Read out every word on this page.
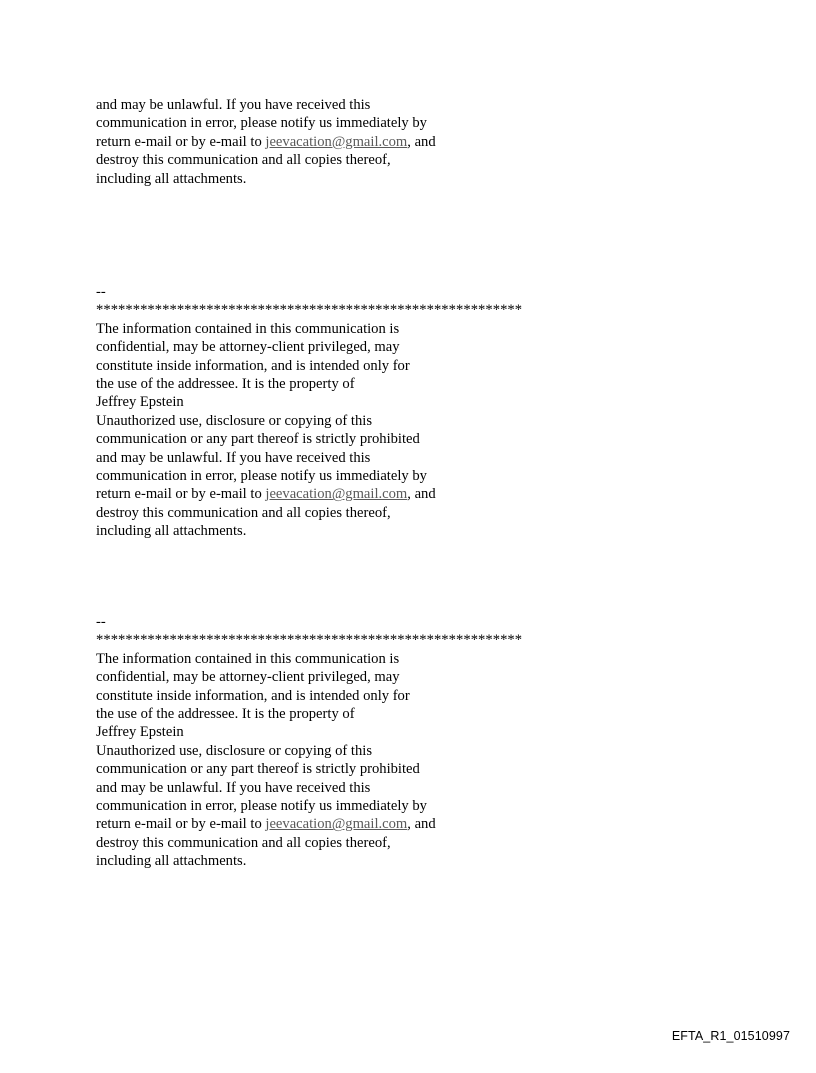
and may be unlawful. If you have received this
communication in error, please notify us immediately by
return e-mail or by e-mail to jeevacation@gmail.com, and
destroy this communication and all copies thereof,
including all attachments.
--
**********************************************************
The information contained in this communication is
confidential, may be attorney-client privileged, may
constitute inside information, and is intended only for
the use of the addressee. It is the property of
Jeffrey Epstein
Unauthorized use, disclosure or copying of this
communication or any part thereof is strictly prohibited
and may be unlawful. If you have received this
communication in error, please notify us immediately by
return e-mail or by e-mail to jeevacation@gmail.com, and
destroy this communication and all copies thereof,
including all attachments.
--
**********************************************************
The information contained in this communication is
confidential, may be attorney-client privileged, may
constitute inside information, and is intended only for
the use of the addressee. It is the property of
Jeffrey Epstein
Unauthorized use, disclosure or copying of this
communication or any part thereof is strictly prohibited
and may be unlawful. If you have received this
communication in error, please notify us immediately by
return e-mail or by e-mail to jeevacation@gmail.com, and
destroy this communication and all copies thereof,
including all attachments.
EFTA_R1_01510997
